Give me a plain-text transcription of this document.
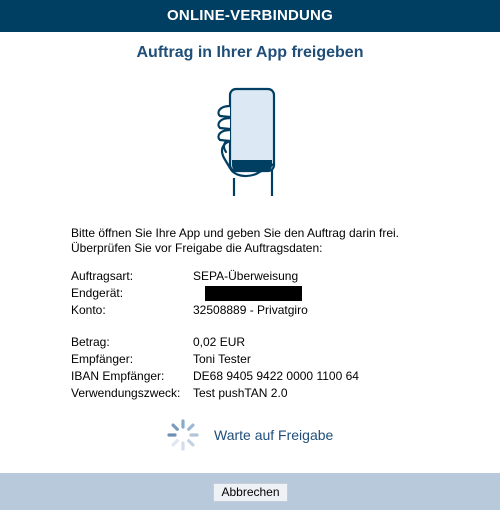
ONLINE-VERBINDUNG
Auftrag in Ihrer App freigeben
Bitte öffnen Sie Ihre App und geben Sie den Auftrag darin frei.
Überprüfen Sie vor Freigabe die Auftragsdaten:
Auftragsart:	SEPA-Überweisung
Endgerät:
Konto:	32508889 - Privatgiro
Betrag:	0,02 EUR
Empfänger:	Toni Tester
IBAN Empfänger: DE68 9405 9422 0000 1100 64
Verwendungszweck: Test pushTAN 2.0
Warte auf Freigabe
Abbrechen
